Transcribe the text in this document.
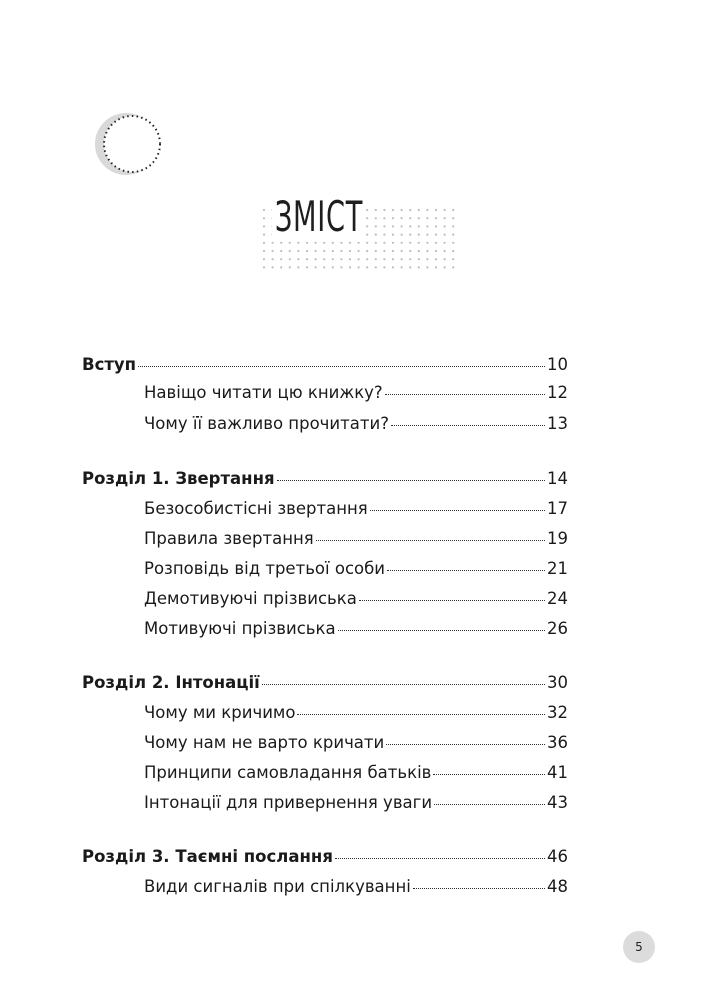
ЗМІСТ
Вступ	10
Навіщо читати цю книжку?	12
Чому її важливо прочитати?	13
Розділ 1. Звертання	14
Безособистісні звертання	17
Правила звертання	19
Розповідь від третьої особи	21
Демотивуючі прізвиська	24
Мотивуючі прізвиська	26
Розділ 2. Інтонації	30
Чому ми кричимо	32
Чому нам не варто кричати	36
Принципи самовладання батьків	41
Інтонації для привернення уваги	43
Розділ 3. Таємні послання	46
Види сигналів при спілкуванні	48
5
